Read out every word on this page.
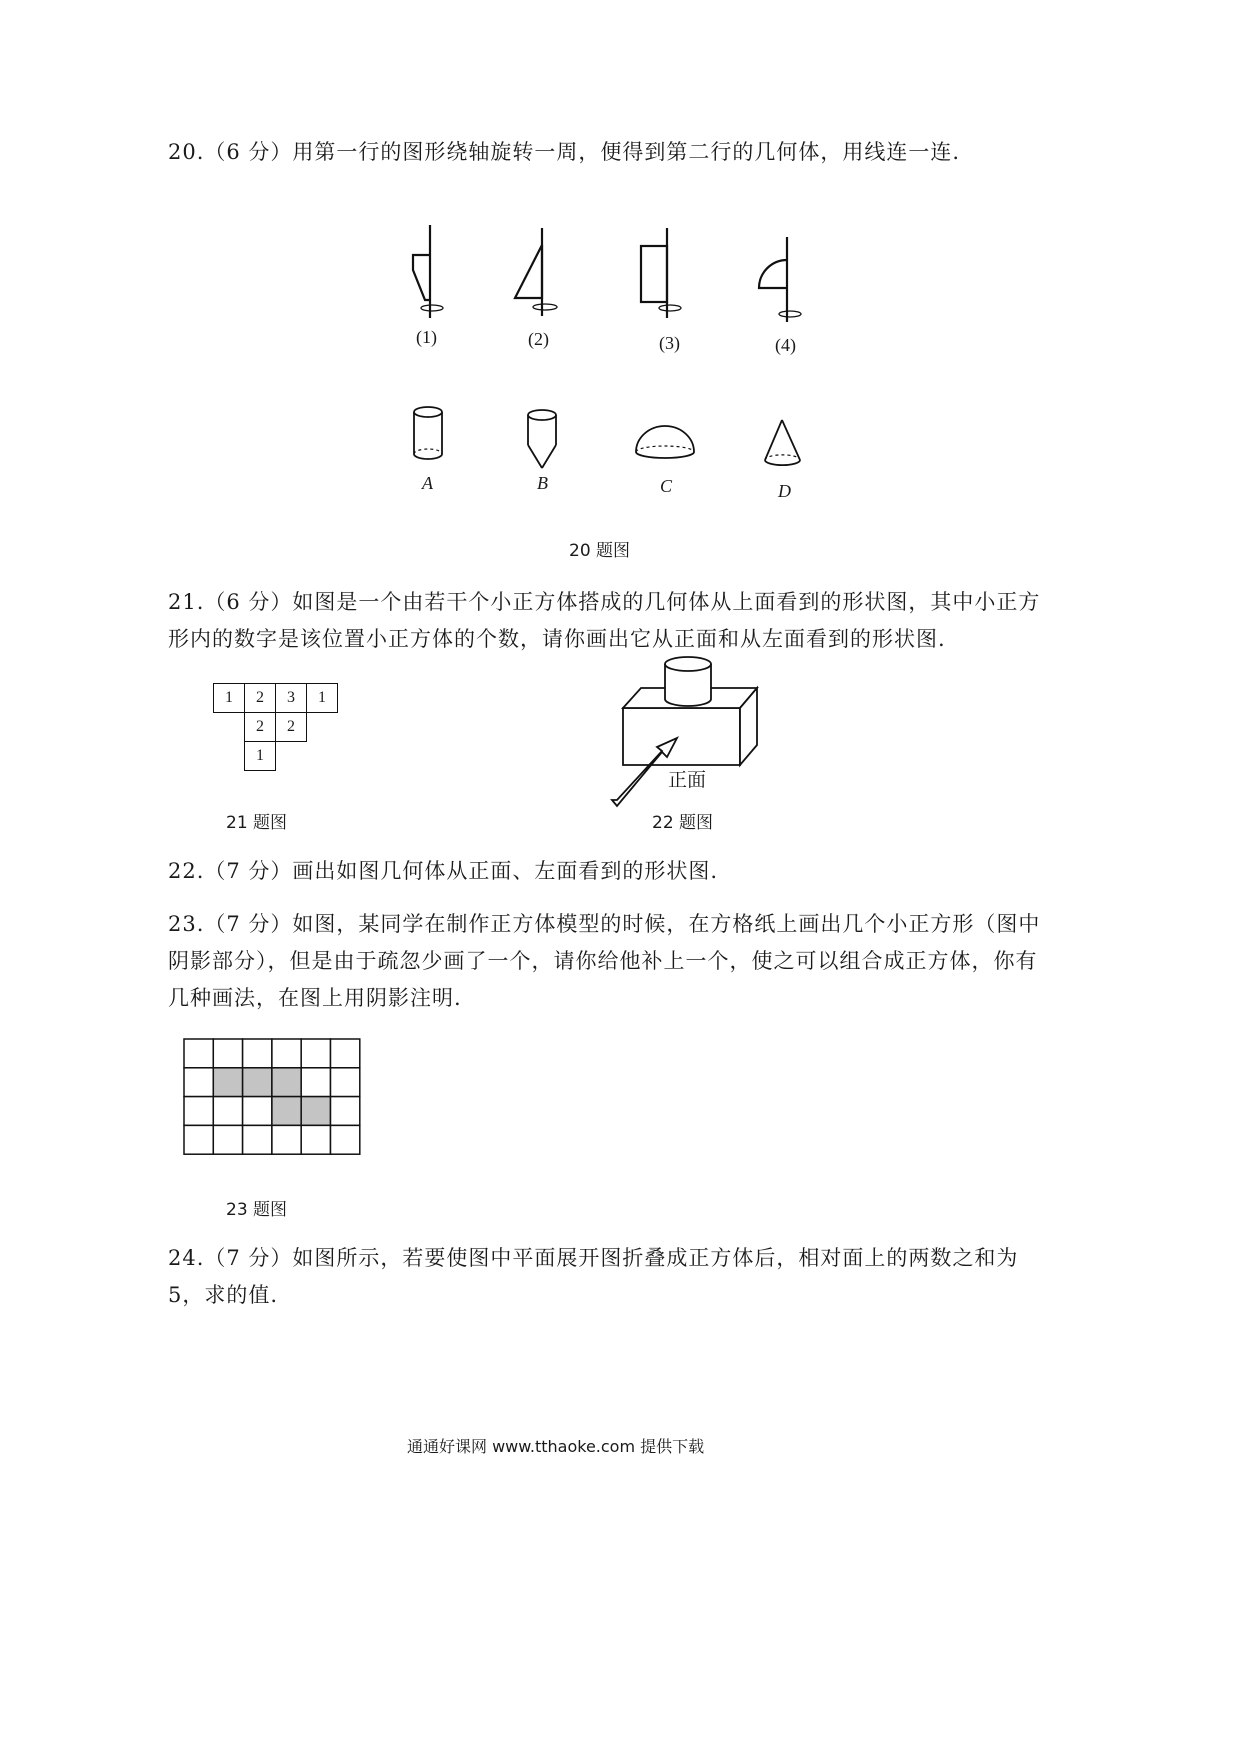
20.（6 分）用第一行的图形绕轴旋转一周，便得到第二行的几何体，用线连一连.
(1)	(2)	(3)	(4)
A	B	C	D
20 题图
21.（6 分）如图是一个由若干个小正方体搭成的几何体从上面看到的形状图，其中小正方形内的数字是该位置小正方体的个数，请你画出它从正面和从左面看到的形状图.
1	2	3	1
	2	2	
	1		
21 题图
正面
22 题图
22.（7 分）画出如图几何体从正面、左面看到的形状图.
23.（7 分）如图，某同学在制作正方体模型的时候，在方格纸上画出几个小正方形（图中阴影部分），但是由于疏忽少画了一个，请你给他补上一个，使之可以组合成正方体，你有几种画法，在图上用阴影注明.
23 题图
24.（7 分）如图所示，若要使图中平面展开图折叠成正方体后，相对面上的两数之和为 5，求的值.
通通好课网 www.tthaoke.com 提供下载
